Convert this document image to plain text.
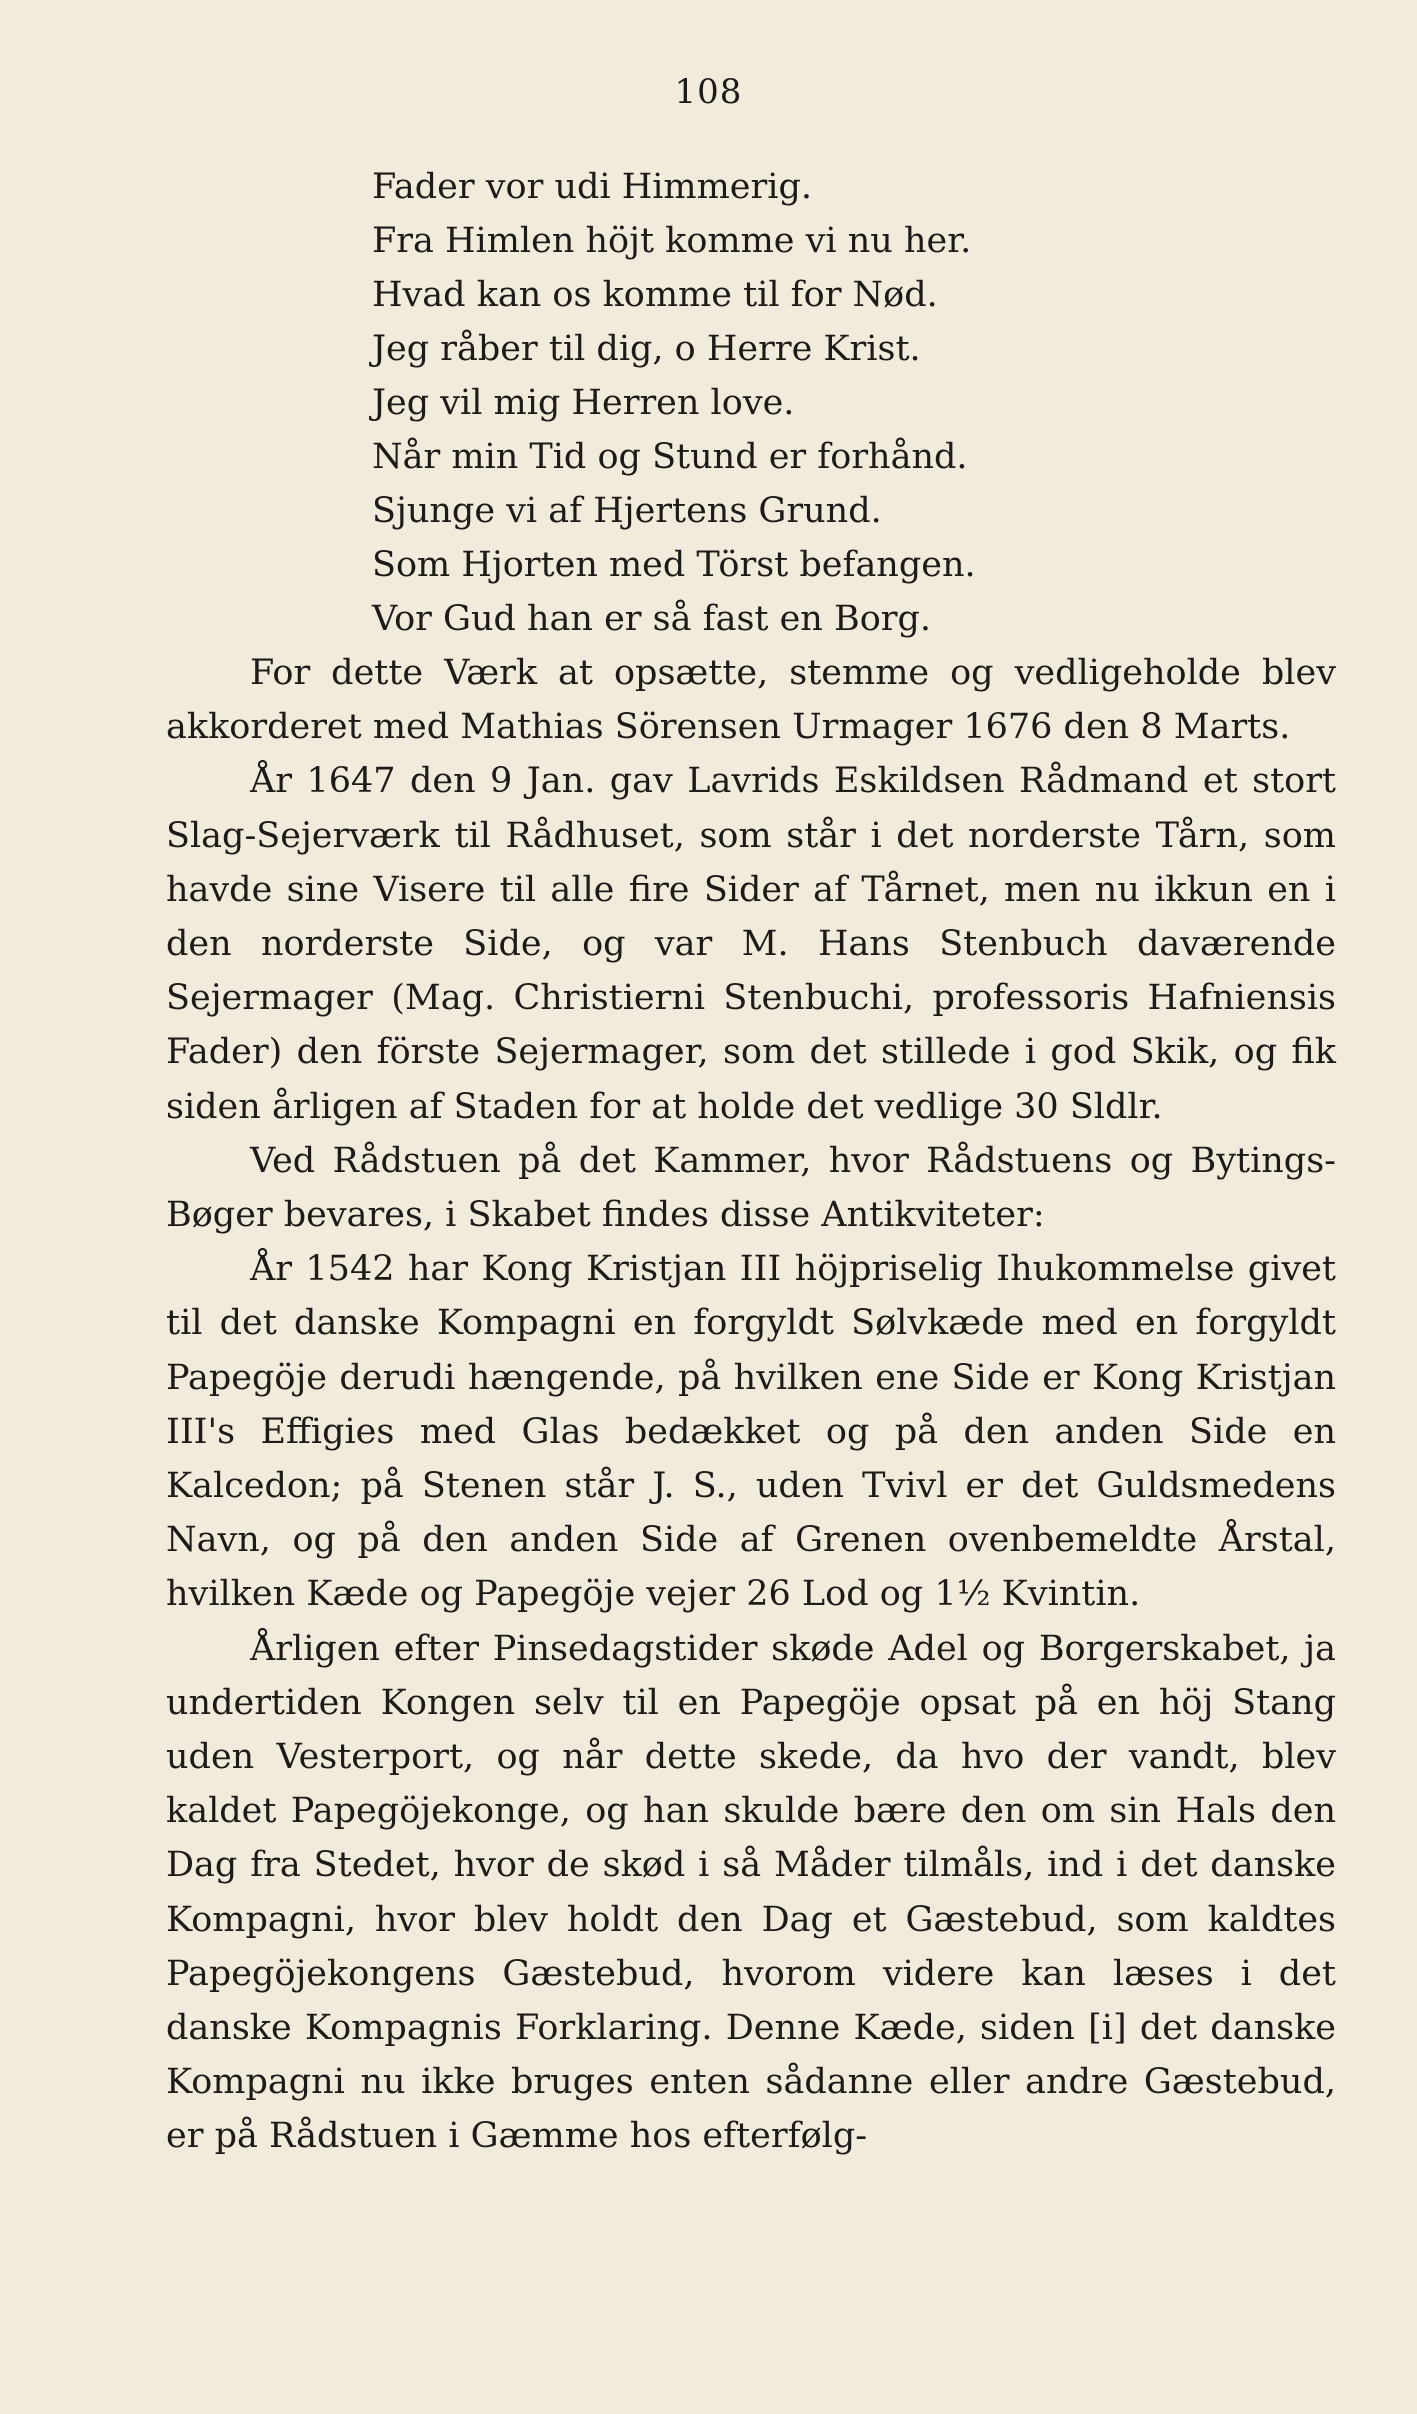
108
Fader vor udi Himmerig.
Fra Himlen höjt komme vi nu her.
Hvad kan os komme til for Nød.
Jeg råber til dig, o Herre Krist.
Jeg vil mig Herren love.
Når min Tid og Stund er forhånd.
Sjunge vi af Hjertens Grund.
Som Hjorten med Törst befangen.
Vor Gud han er så fast en Borg.

For dette Værk at opsætte, stemme og vedligeholde blev akkorderet med Mathias Sörensen Urmager 1676 den 8 Marts.

År 1647 den 9 Jan. gav Lavrids Eskildsen Rådmand et stort Slag-Sejerværk til Rådhuset, som står i det norderste Tårn, som havde sine Visere til alle fire Sider af Tårnet, men nu ikkun en i den norderste Side, og var M. Hans Stenbuch daværende Sejermager (Mag. Christierni Stenbuchi, professoris Hafniensis Fader) den förste Sejermager, som det stillede i god Skik, og fik siden årligen af Staden for at holde det vedlige 30 Sldlr.

Ved Rådstuen på det Kammer, hvor Rådstuens og Bytings-Bøger bevares, i Skabet findes disse Antikviteter:

År 1542 har Kong Kristjan III höjpriselig Ihukommelse givet til det danske Kompagni en forgyldt Sølvkæde med en forgyldt Papegöje derudi hængende, på hvilken ene Side er Kong Kristjan III's Effigies med Glas bedækket og på den anden Side en Kalcedon; på Stenen står J. S., uden Tvivl er det Guldsmedens Navn, og på den anden Side af Grenen ovenbemeldte Årstal, hvilken Kæde og Papegöje vejer 26 Lod og 1½ Kvintin.

Årligen efter Pinsedagstider skøde Adel og Borgerskabet, ja undertiden Kongen selv til en Papegöje opsat på en höj Stang uden Vesterport, og når dette skede, da hvo der vandt, blev kaldet Papegöjekonge, og han skulde bære den om sin Hals den Dag fra Stedet, hvor de skød i så Måder tilmåls, ind i det danske Kompagni, hvor blev holdt den Dag et Gæstebud, som kaldtes Papegöjekongens Gæstebud, hvorom videre kan læses i det danske Kompagnis Forklaring. Denne Kæde, siden [i] det danske Kompagni nu ikke bruges enten sådanne eller andre Gæstebud, er på Rådstuen i Gæmme hos efterfølg-
